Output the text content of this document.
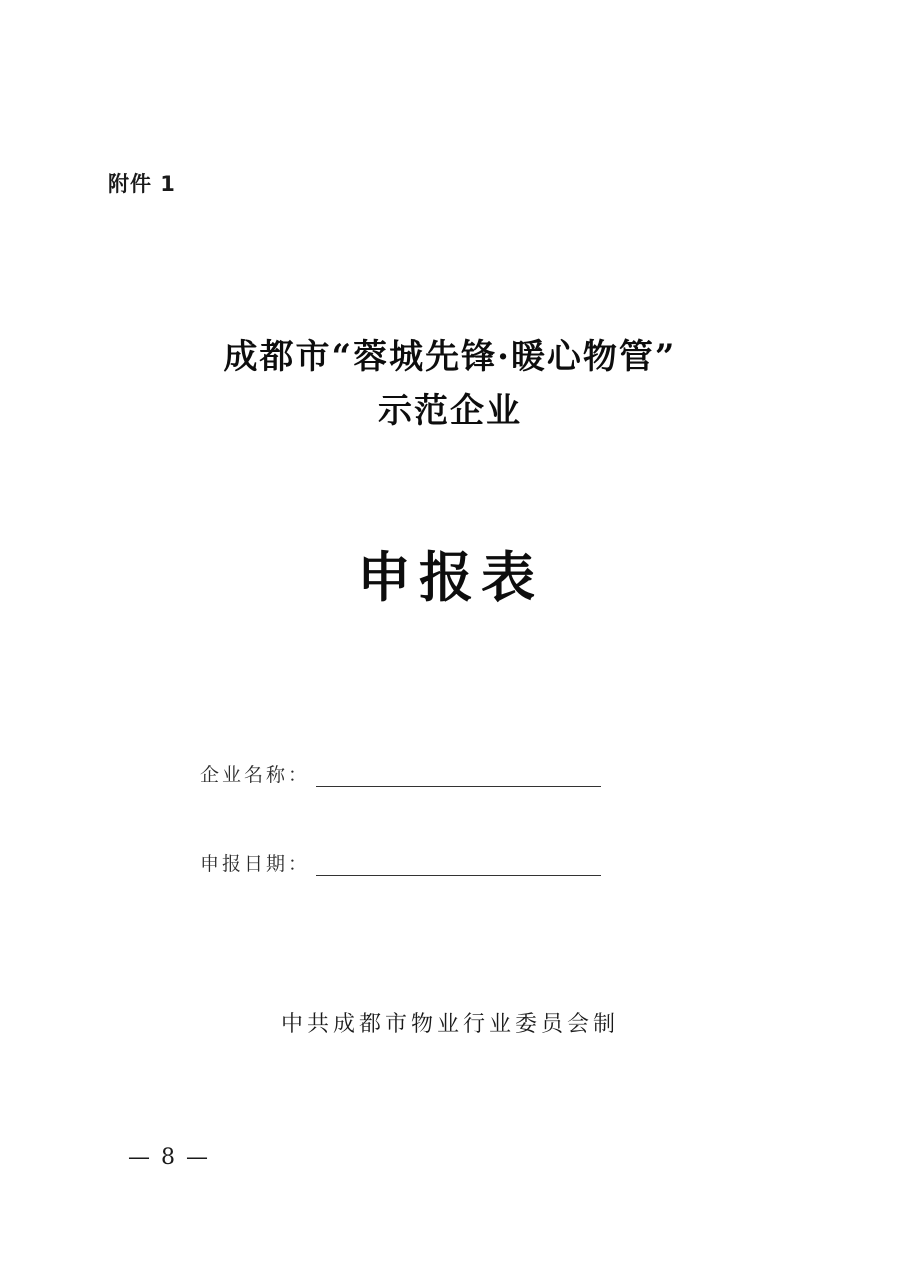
附件 1
成都市“蓉城先锋·暖心物管”
示范企业
申报表
企业名称：
申报日期：
中共成都市物业行业委员会制
— 8 —
